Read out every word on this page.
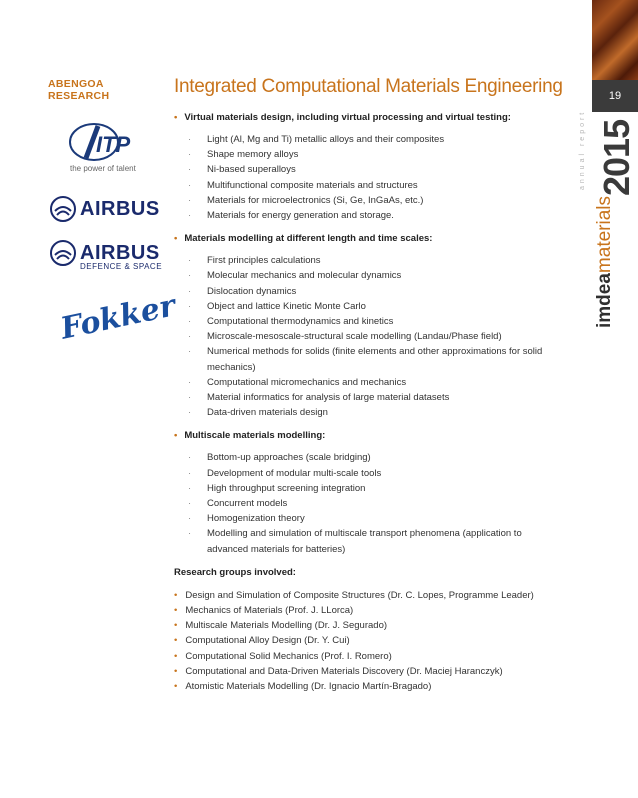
19
annual report 2015
imdeamaterials
ABENGOA RESEARCH
ITP
the power of talent
AIRBUS
AIRBUS
DEFENCE & SPACE
Fokker
Integrated Computational Materials Engineering
• Virtual materials design, including virtual processing and virtual testing:
·	Light (Al, Mg and Ti) metallic alloys and their composites
·	Shape memory alloys
·	Ni-based superalloys
·	Multifunctional composite materials and structures
·	Materials for microelectronics (Si, Ge, InGaAs, etc.)
·	Materials for energy generation and storage.
• Materials modelling at different length and time scales:
·	First principles calculations
·	Molecular mechanics and molecular dynamics
·	Dislocation dynamics
·	Object and lattice Kinetic Monte Carlo
·	Computational thermodynamics and kinetics
·	Microscale-mesoscale-structural scale modelling (Landau/Phase field)
·	Numerical methods for solids (finite elements and other approximations for solid mechanics)
·	Computational micromechanics and mechanics
·	Material informatics for analysis of large material datasets
·	Data-driven materials design
• Multiscale materials modelling:
·	Bottom-up approaches (scale bridging)
·	Development of modular multi-scale tools
·	High throughput screening integration
·	Concurrent models
·	Homogenization theory
·	Modelling and simulation of multiscale transport phenomena (application to advanced materials for batteries)
Research groups involved:
• Design and Simulation of Composite Structures (Dr. C. Lopes, Programme Leader)
• Mechanics of Materials (Prof. J. LLorca)
• Multiscale Materials Modelling (Dr. J. Segurado)
• Computational Alloy Design (Dr. Y. Cui)
• Computational Solid Mechanics (Prof. I. Romero)
• Computational and Data-Driven Materials Discovery (Dr. Maciej Haranczyk)
• Atomistic Materials Modelling (Dr. Ignacio Martín-Bragado)
